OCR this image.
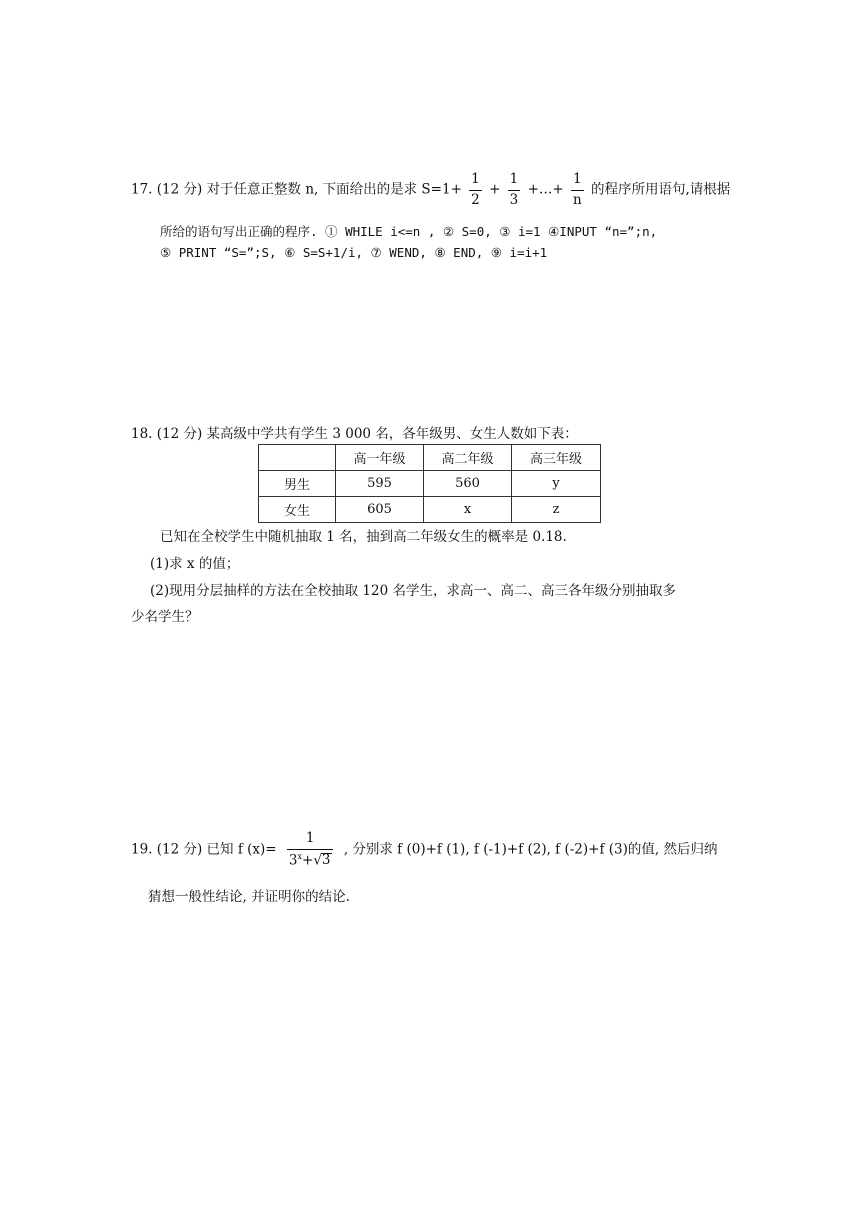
17. (12 分) 对于任意正整数 n, 下面给出的是求 $S=1+ \frac{1}{2} + \frac{1}{3}$ +…+ $\frac{1}{n}$ 的程序所用语句,请根据
所给的语句写出正确的程序. ① WHILE i<=n , ② S=0, ③ i=1 ④INPUT “n=”;n,
⑤ PRINT “S=”;S, ⑥ S=S+1/i, ⑦ WEND, ⑧ END, ⑨ i=i+1
18. (12 分) 某高级中学共有学生 3 000 名，各年级男、女生人数如下表：
	高一年级	高二年级	高三年级
男生	595	560	y
女生	605	x	z
已知在全校学生中随机抽取 1 名，抽到高二年级女生的概率是 0.18.
(1)求 x 的值；
(2)现用分层抽样的方法在全校抽取 120 名学生，求高一、高二、高三各年级分别抽取多
少名学生？
19. (12 分) 已知 f $(x)= \frac{1}{3^x+√3}$ , 分别求 f (0)+f (1), f (-1)+f (2), f (-2)+f (3)的值, 然后归纳
猜想一般性结论, 并证明你的结论.
